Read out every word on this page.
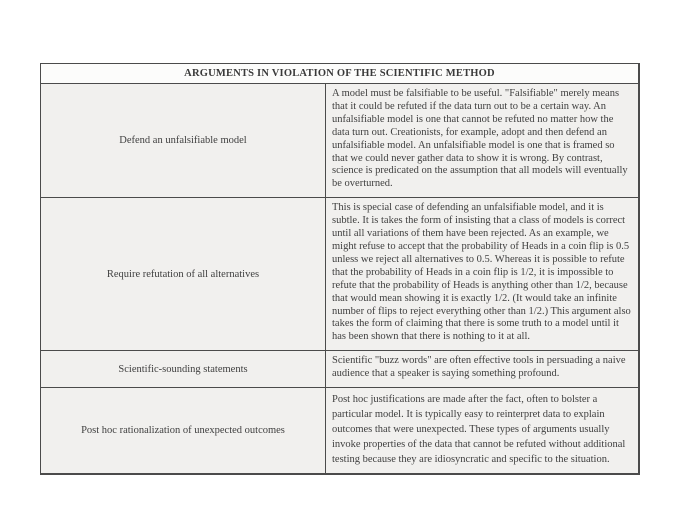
ARGUMENTS IN VIOLATION OF THE SCIENTIFIC METHOD
Defend an unfalsifiable model
A model must be falsifiable to be useful. "Falsifiable" merely means that it could be refuted if the data turn out to be a certain way. An unfalsifiable model is one that cannot be refuted no matter how the data turn out. Creationists, for example, adopt and then defend an unfalsifiable model. An unfalsifiable model is one that is framed so that we could never gather data to show it is wrong. By contrast, science is predicated on the assumption that all models will eventually be overturned.
Require refutation of all alternatives
This is special case of defending an unfalsifiable model, and it is subtle. It is takes the form of insisting that a class of models is correct until all variations of them have been rejected. As an example, we might refuse to accept that the probability of Heads in a coin flip is 0.5 unless we reject all alternatives to 0.5. Whereas it is possible to refute that the probability of Heads in a coin flip is 1/2, it is impossible to refute that the probability of Heads is anything other than 1/2, because that would mean showing it is exactly 1/2. (It would take an infinite number of flips to reject everything other than 1/2.) This argument also takes the form of claiming that there is some truth to a model until it has been shown that there is nothing to it at all.
Scientific-sounding statements
Scientific "buzz words" are often effective tools in persuading a naive audience that a speaker is saying something profound.
Post hoc rationalization of unexpected outcomes
Post hoc justifications are made after the fact, often to bolster a particular model. It is typically easy to reinterpret data to explain outcomes that were unexpected. These types of arguments usually invoke properties of the data that cannot be refuted without additional testing because they are idiosyncratic and specific to the situation.
